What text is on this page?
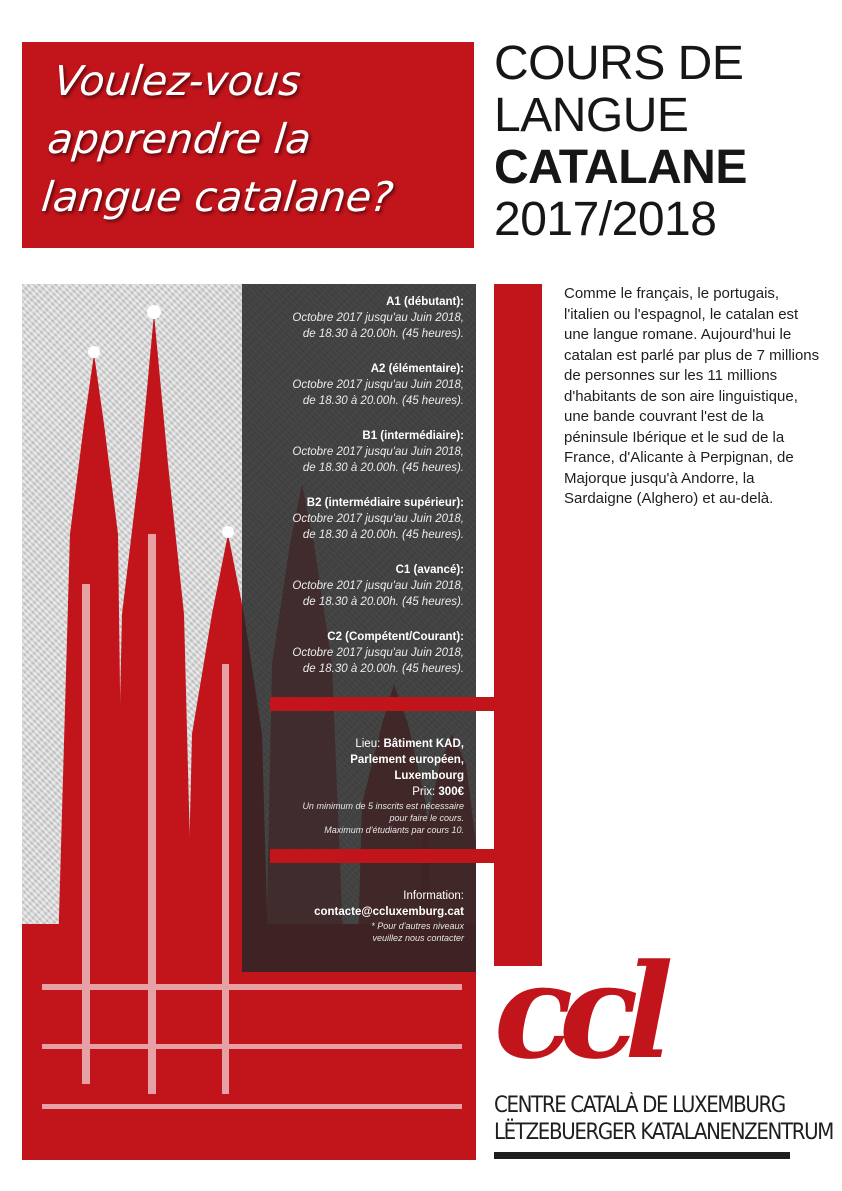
Voulez-vous
apprendre la
langue catalane?

COURS DE
LANGUE
CATALANE
2017/2018
A1 (débutant):
Octobre 2017 jusqu'au Juin 2018,
de 18.30 à 20.00h. (45 heures).
A2 (élémentaire):
Octobre 2017 jusqu'au Juin 2018,
de 18.30 à 20.00h. (45 heures).
B1 (intermédiaire):
Octobre 2017 jusqu'au Juin 2018,
de 18.30 à 20.00h. (45 heures).
B2 (intermédiaire supérieur):
Octobre 2017 jusqu'au Juin 2018,
de 18.30 à 20.00h. (45 heures).
C1 (avancé):
Octobre 2017 jusqu'au Juin 2018,
de 18.30 à 20.00h. (45 heures).
C2 (Compétent/Courant):
Octobre 2017 jusqu'au Juin 2018,
de 18.30 à 20.00h. (45 heures).
Lieu: Bâtiment KAD,
Parlement européen,
Luxembourg
Prix: 300€
Un minimum de 5 inscrits est nécessaire
pour faire le cours.
Maximum d'étudiants par cours 10.
Information:
contacte@ccluxemburg.cat
* Pour d'autres niveaux
veuillez nous contacter

Comme le français, le portugais, l'italien ou l'espagnol, le catalan est une langue romane. Aujourd'hui le catalan est parlé par plus de 7 millions de personnes sur les 11 millions d'habitants de son aire linguistique, une bande couvrant l'est de la péninsule Ibérique et le sud de la France, d'Alicante à Perpignan, de Majorque jusqu'à Andorre, la Sardaigne (Alghero) et au-delà.

ccl

CENTRE CATALÀ DE LUXEMBURG
LËTZEBUERGER KATALANENZENTRUM
